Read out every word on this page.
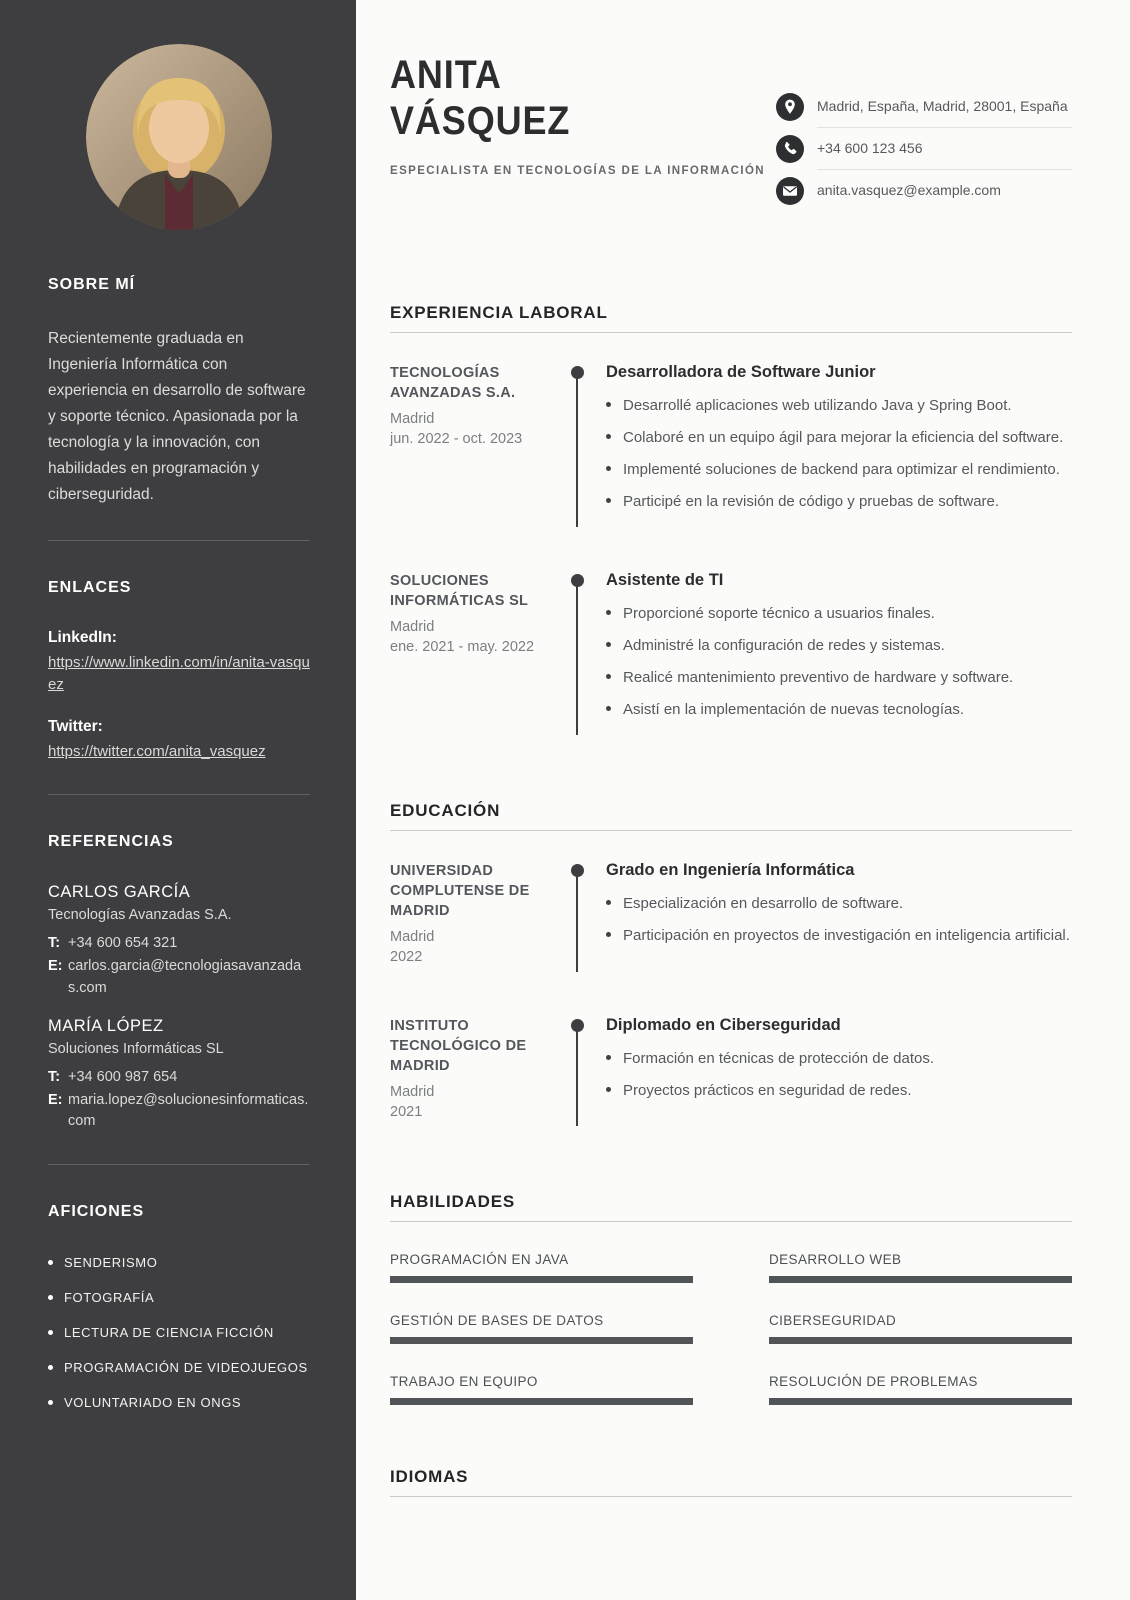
SOBRE MÍ

Recientemente graduada en Ingeniería Informática con experiencia en desarrollo de software y soporte técnico. Apasionada por la tecnología y la innovación, con habilidades en programación y ciberseguridad.

ENLACES
LinkedIn:
https://www.linkedin.com/in/anita-vasquez
Twitter:
https://twitter.com/anita_vasquez
REFERENCIAS
CARLOS GARCÍA
Tecnologías Avanzadas S.A.
T: +34 600 654 321
E: carlos.garcia@tecnologiasavanzadas.com
MARÍA LÓPEZ
Soluciones Informáticas SL
T: +34 600 987 654
E: maria.lopez@solucionesinformaticas.com
AFICIONES
SENDERISMO
FOTOGRAFÍA
LECTURA DE CIENCIA FICCIÓN
PROGRAMACIÓN DE VIDEOJUEGOS
VOLUNTARIADO EN ONGS
ANITA
VÁSQUEZ
ESPECIALISTA EN TECNOLOGÍAS DE LA INFORMACIÓN
Madrid, España, Madrid, 28001, España
+34 600 123 456
anita.vasquez@example.com
EXPERIENCIA LABORAL
TECNOLOGÍAS AVANZADAS S.A.
Madrid
jun. 2022 - oct. 2023
Desarrolladora de Software Junior
Desarrollé aplicaciones web utilizando Java y Spring Boot.
Colaboré en un equipo ágil para mejorar la eficiencia del software.
Implementé soluciones de backend para optimizar el rendimiento.
Participé en la revisión de código y pruebas de software.
SOLUCIONES INFORMÁTICAS SL
Madrid
ene. 2021 - may. 2022
Asistente de TI
Proporcioné soporte técnico a usuarios finales.
Administré la configuración de redes y sistemas.
Realicé mantenimiento preventivo de hardware y software.
Asistí en la implementación de nuevas tecnologías.
EDUCACIÓN
UNIVERSIDAD COMPLUTENSE DE MADRID
Madrid
2022
Grado en Ingeniería Informática
Especialización en desarrollo de software.
Participación en proyectos de investigación en inteligencia artificial.
INSTITUTO TECNOLÓGICO DE MADRID
Madrid
2021
Diplomado en Ciberseguridad
Formación en técnicas de protección de datos.
Proyectos prácticos en seguridad de redes.
HABILIDADES
PROGRAMACIÓN EN JAVA	DESARROLLO WEB
GESTIÓN DE BASES DE DATOS	CIBERSEGURIDAD
TRABAJO EN EQUIPO	RESOLUCIÓN DE PROBLEMAS
IDIOMAS
